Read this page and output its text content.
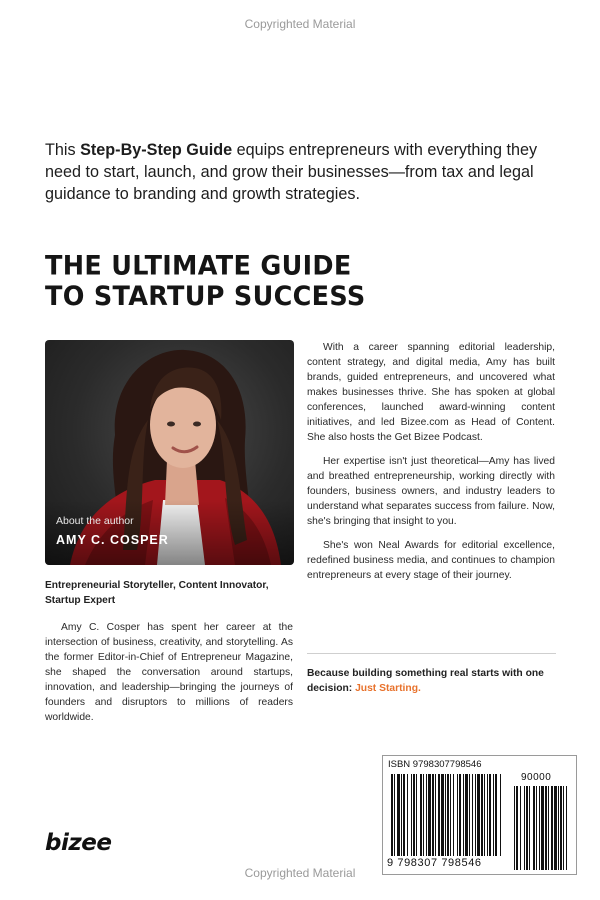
Copyrighted Material

This Step-By-Step Guide equips entrepreneurs with everything they need to start, launch, and grow their businesses—from tax and legal guidance to branding and growth strategies.

THE ULTIMATE GUIDE
TO STARTUP SUCCESS
About the author
AMY C. COSPER

Entrepreneurial Storyteller, Content Innovator, Startup Expert

Amy C. Cosper has spent her career at the intersection of business, creativity, and storytelling. As the former Editor-in-Chief of Entrepreneur Magazine, she shaped the conversation around startups, innovation, and leadership—bringing the journeys of founders and disruptors to millions of readers worldwide.

With a career spanning editorial leadership, content strategy, and digital media, Amy has built brands, guided entrepreneurs, and uncovered what makes businesses thrive. She has spoken at global conferences, launched award-winning content initiatives, and led Bizee.com as Head of Content. She also hosts the Get Bizee Podcast.

Her expertise isn't just theoretical—Amy has lived and breathed entrepreneurship, working directly with founders, business owners, and industry leaders to understand what separates success from failure. Now, she's bringing that insight to you.

She's won Neal Awards for editorial excellence, redefined business media, and continues to champion entrepreneurs at every stage of their journey.

Because building something real starts with one decision: Just Starting.

bizee
ISBN 9798307798546
90000
9 798307 798546
Copyrighted Material
